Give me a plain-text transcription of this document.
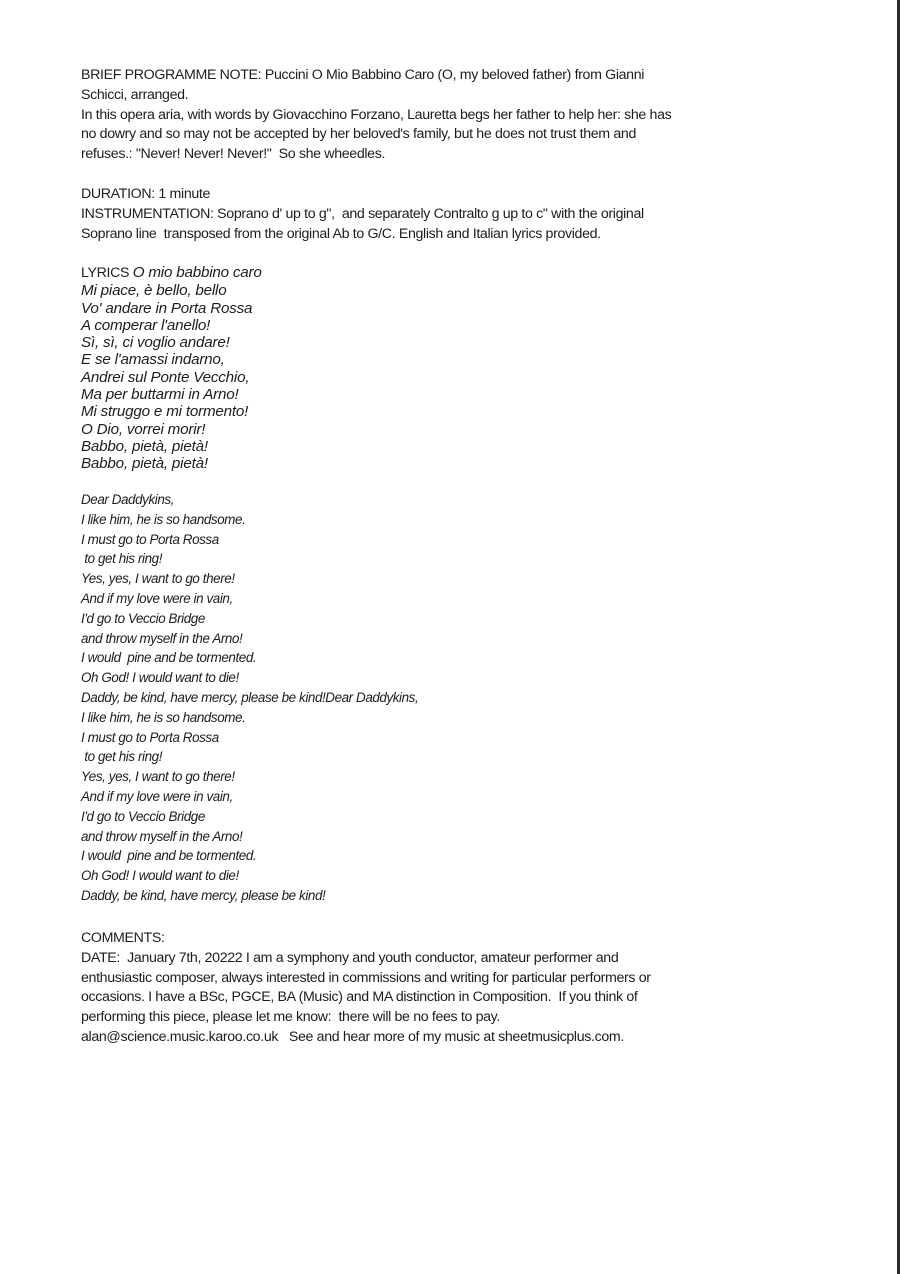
BRIEF PROGRAMME NOTE: Puccini O Mio Babbino Caro (O, my beloved father) from Gianni
Schicci, arranged.
In this opera aria, with words by Giovacchino Forzano, Lauretta begs her father to help her: she has
no dowry and so may not be accepted by her beloved's family, but he does not trust them and
refuses.: "Never! Never! Never!"  So she wheedles.
DURATION: 1 minute
INSTRUMENTATION: Soprano d' up to g",  and separately Contralto g up to c" with the original
Soprano line  transposed from the original Ab to G/C. English and Italian lyrics provided.
LYRICS O mio babbino caro
Mi piace, è bello, bello
Vo' andare in Porta Rossa
A comperar l'anello!
Sì, sì, ci voglio andare!
E se l'amassi indarno,
Andrei sul Ponte Vecchio,
Ma per buttarmi in Arno!
Mi struggo e mi tormento!
O Dio, vorrei morir!
Babbo, pietà, pietà!
Babbo, pietà, pietà!
Dear Daddykins,
I like him, he is so handsome.
I must go to Porta Rossa
to get his ring!
Yes, yes, I want to go there!
And if my love were in vain,
I'd go to Veccio Bridge
and throw myself in the Arno!
I would  pine and be tormented.
Oh God! I would want to die!
Daddy, be kind, have mercy, please be kind!Dear Daddykins,
I like him, he is so handsome.
I must go to Porta Rossa
to get his ring!
Yes, yes, I want to go there!
And if my love were in vain,
I'd go to Veccio Bridge
and throw myself in the Arno!
I would  pine and be tormented.
Oh God! I would want to die!
Daddy, be kind, have mercy, please be kind!
COMMENTS:
DATE:  January 7th, 20222 I am a symphony and youth conductor, amateur performer and
enthusiastic composer, always interested in commissions and writing for particular performers or
occasions. I have a BSc, PGCE, BA (Music) and MA distinction in Composition.  If you think of
performing this piece, please let me know:  there will be no fees to pay.
alan@science.music.karoo.co.uk   See and hear more of my music at sheetmusicplus.com.
